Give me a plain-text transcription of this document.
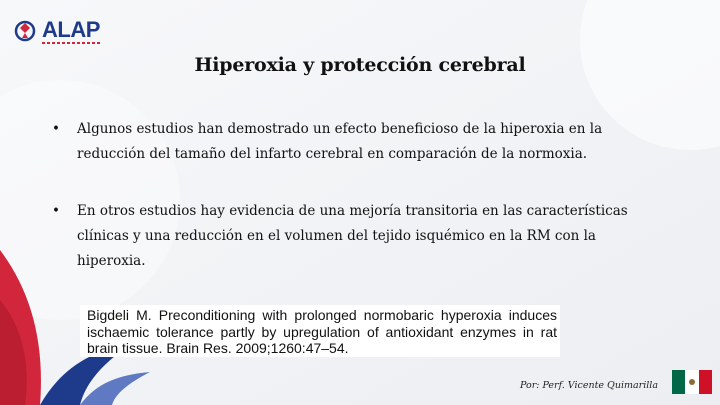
ALAP
Hiperoxia y protección cerebral
• Algunos estudios han demostrado un efecto beneficioso de la hiperoxia en la reducción del tamaño del infarto cerebral en comparación de la normoxia.
• En otros estudios hay evidencia de una mejoría transitoria en las características clínicas y una reducción en el volumen del tejido isquémico en la RM con la hiperoxia.
Bigdeli M. Preconditioning with prolonged normobaric hyperoxia induces ischaemic tolerance partly by upregulation of antioxidant enzymes in rat brain tissue. Brain Res. 2009;1260:47–54.
Por: Perf. Vicente Quimarilla
